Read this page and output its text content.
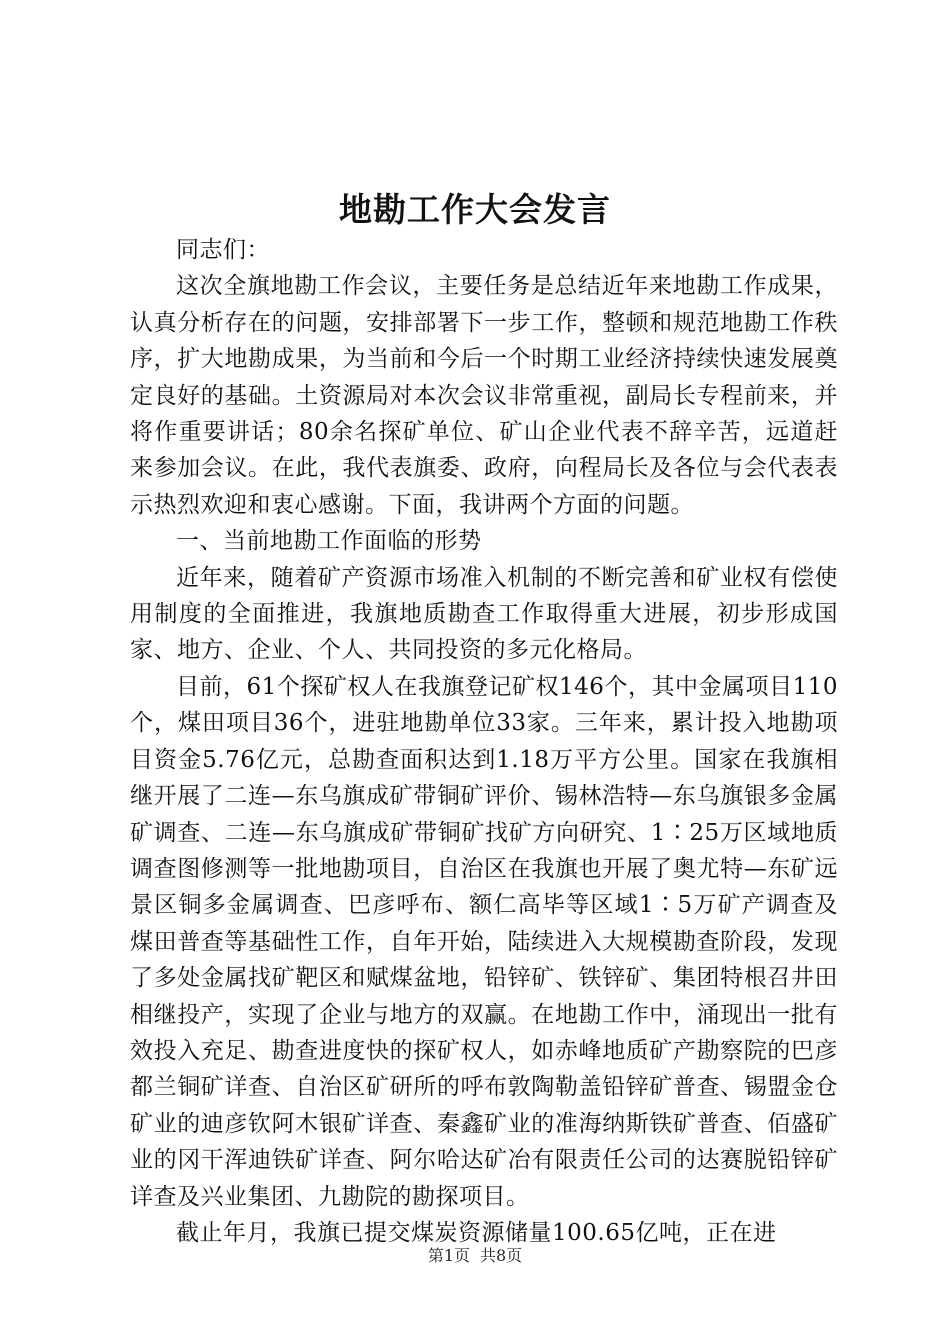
地勘工作大会发言

同志们：

这次全旗地勘工作会议，主要任务是总结近年来地勘工作成果，认真分析存在的问题，安排部署下一步工作，整顿和规范地勘工作秩序，扩大地勘成果，为当前和今后一个时期工业经济持续快速发展奠定良好的基础。土资源局对本次会议非常重视，副局长专程前来，并将作重要讲话；80余名探矿单位、矿山企业代表不辞辛苦，远道赶来参加会议。在此，我代表旗委、政府，向程局长及各位与会代表表示热烈欢迎和衷心感谢。下面，我讲两个方面的问题。

一、当前地勘工作面临的形势

近年来，随着矿产资源市场准入机制的不断完善和矿业权有偿使用制度的全面推进，我旗地质勘查工作取得重大进展，初步形成国家、地方、企业、个人、共同投资的多元化格局。

目前，61个探矿权人在我旗登记矿权146个，其中金属项目110个，煤田项目36个，进驻地勘单位33家。三年来，累计投入地勘项目资金5.76亿元，总勘查面积达到1.18万平方公里。国家在我旗相继开展了二连—东乌旗成矿带铜矿评价、锡林浩特—东乌旗银多金属矿调查、二连—东乌旗成矿带铜矿找矿方向研究、1∶25万区域地质调查图修测等一批地勘项目，自治区在我旗也开展了奥尤特—东矿远景区铜多金属调查、巴彦呼布、额仁高毕等区域1∶5万矿产调查及煤田普查等基础性工作，自年开始，陆续进入大规模勘查阶段，发现了多处金属找矿靶区和赋煤盆地，铅锌矿、铁锌矿、集团特根召井田相继投产，实现了企业与地方的双赢。在地勘工作中，涌现出一批有效投入充足、勘查进度快的探矿权人，如赤峰地质矿产勘察院的巴彦都兰铜矿详查、自治区矿研所的呼布敦陶勒盖铅锌矿普查、锡盟金仓矿业的迪彦钦阿木银矿详查、秦鑫矿业的准海纳斯铁矿普查、佰盛矿业的冈干浑迪铁矿详查、阿尔哈达矿冶有限责任公司的达赛脱铅锌矿详查及兴业集团、九勘院的勘探项目。

截止年月，我旗已提交煤炭资源储量100.65亿吨，正在进

第1页 共8页
